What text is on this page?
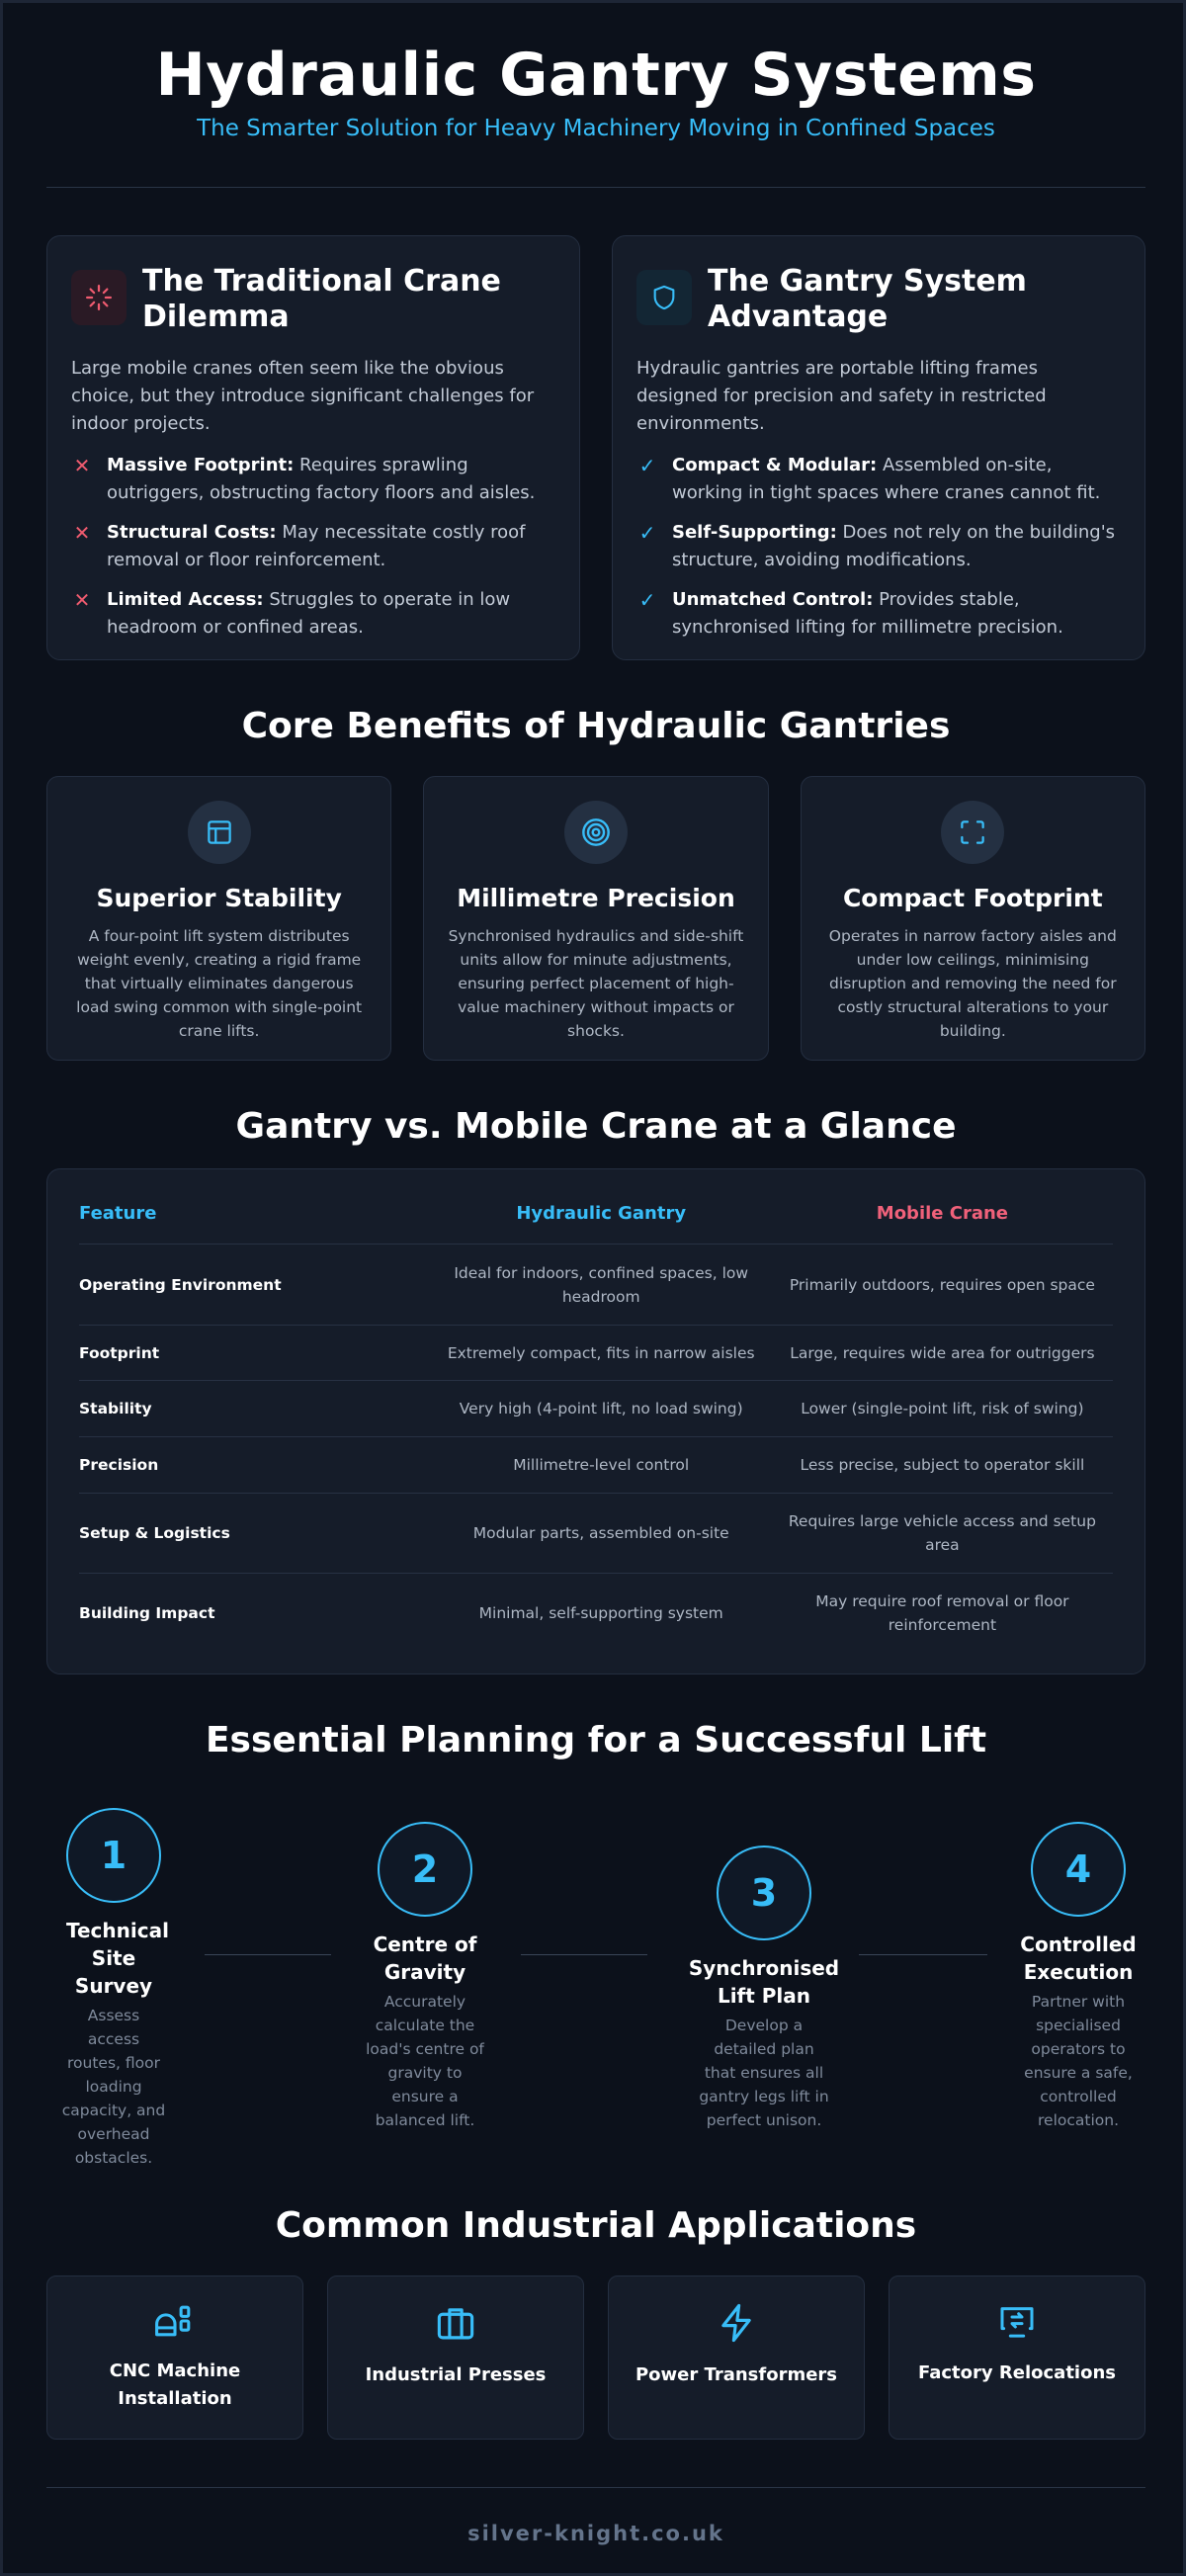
Hydraulic Gantry Systems

The Smarter Solution for Heavy Machinery Moving in Confined Spaces

The Traditional Crane Dilemma

Large mobile cranes often seem like the obvious choice, but they introduce significant challenges for indoor projects.

✕ Massive Footprint: Requires sprawling outriggers, obstructing factory floors and aisles.
✕ Structural Costs: May necessitate costly roof removal or floor reinforcement.
✕ Limited Access: Struggles to operate in low headroom or confined areas.
The Gantry System Advantage

Hydraulic gantries are portable lifting frames designed for precision and safety in restricted environments.

✓ Compact & Modular: Assembled on-site, working in tight spaces where cranes cannot fit.
✓ Self-Supporting: Does not rely on the building's structure, avoiding modifications.
✓ Unmatched Control: Provides stable, synchronised lifting for millimetre precision.
Core Benefits of Hydraulic Gantries
Superior Stability

A four-point lift system distributes weight evenly, creating a rigid frame that virtually eliminates dangerous load swing common with single-point crane lifts.

Millimetre Precision

Synchronised hydraulics and side-shift units allow for minute adjustments, ensuring perfect placement of high-value machinery without impacts or shocks.

Compact Footprint

Operates in narrow factory aisles and under low ceilings, minimising disruption and removing the need for costly structural alterations to your building.

Gantry vs. Mobile Crane at a Glance
Feature	Hydraulic Gantry	Mobile Crane
Operating Environment	Ideal for indoors, confined spaces, low headroom	Primarily outdoors, requires open space
Footprint	Extremely compact, fits in narrow aisles	Large, requires wide area for outriggers
Stability	Very high (4-point lift, no load swing)	Lower (single-point lift, risk of swing)
Precision	Millimetre-level control	Less precise, subject to operator skill
Setup & Logistics	Modular parts, assembled on-site	Requires large vehicle access and setup area
Building Impact	Minimal, self-supporting system	May require roof removal or floor reinforcement
Essential Planning for a Successful Lift
1
Technical Site Survey

Assess access routes, floor loading capacity, and overhead obstacles.

2
Centre of Gravity

Accurately calculate the load's centre of gravity to ensure a balanced lift.

3
Synchronised Lift Plan

Develop a detailed plan that ensures all gantry legs lift in perfect unison.

4
Controlled Execution

Partner with specialised operators to ensure a safe, controlled relocation.

Common Industrial Applications
CNC Machine Installation
Industrial Presses	Power Transformers	Factory Relocations
silver-knight.co.uk
